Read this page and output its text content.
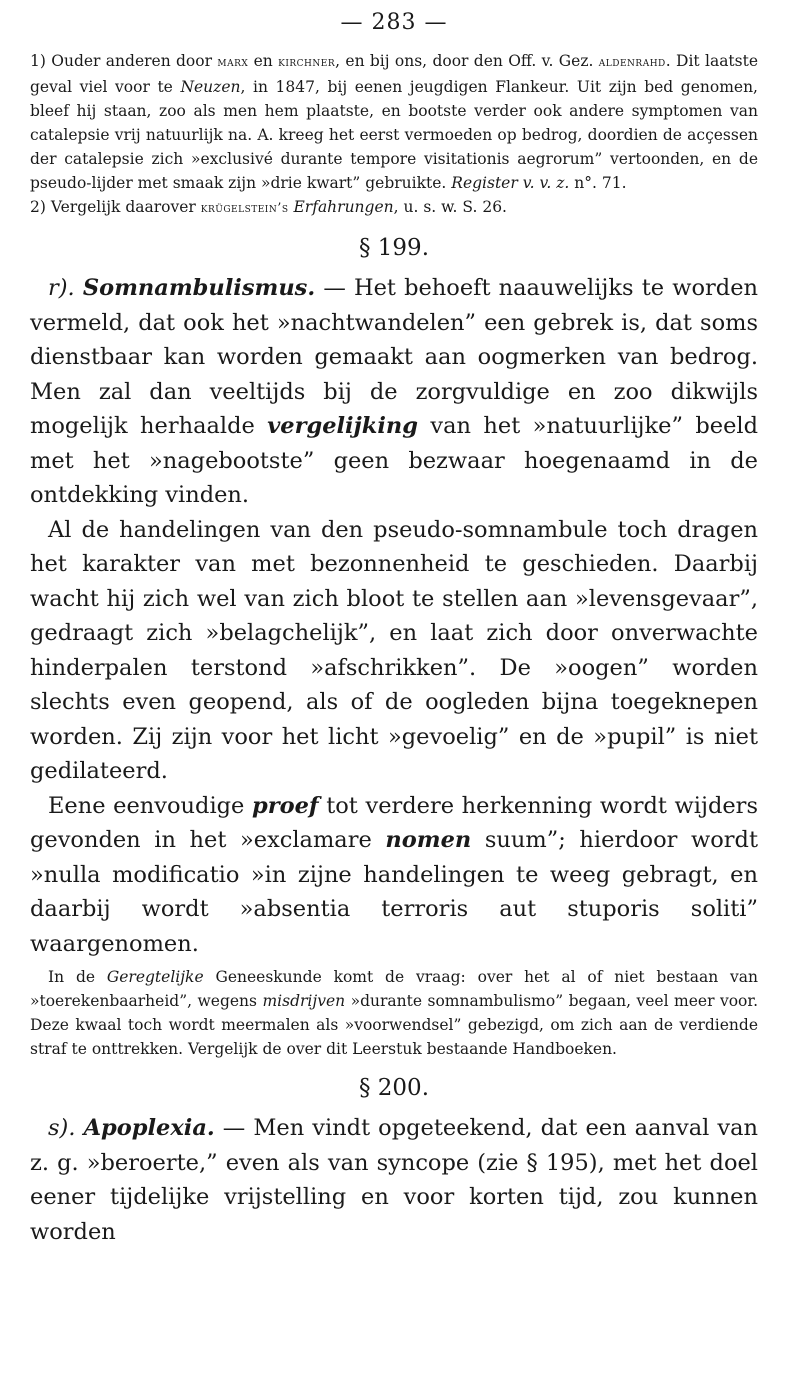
— 283 —

1) Ouder anderen door marx en kirchner, en bij ons, door den Off. v. Gez. aldenrahd. Dit laatste geval viel voor te Neuzen, in 1847, bij eenen jeugdigen Flankeur. Uit zijn bed genomen, bleef hij staan, zoo als men hem plaatste, en bootste verder ook andere symptomen van catalepsie vrij natuurlijk na. A. kreeg het eerst vermoeden op bedrog, doordien de acçessen der catalepsie zich »exclusivé durante tempore visitationis aegrorum” vertoonden, en de pseudo-lijder met smaak zijn »drie kwart” gebruikte. Register v. v. z. n°. 71.

2) Vergelijk daarover krügelstein’s Erfahrungen, u. s. w. S. 26.

§ 199.

r). Somnambulismus. — Het behoeft naauwelijks te worden vermeld, dat ook het »nachtwandelen” een gebrek is, dat soms dienstbaar kan worden gemaakt aan oogmerken van bedrog. Men zal dan veeltijds bij de zorgvuldige en zoo dikwijls mogelijk herhaalde vergelijking van het »natuurlijke” beeld met het »nagebootste” geen bezwaar hoegenaamd in de ontdekking vinden.

Al de handelingen van den pseudo-somnambule toch dragen het karakter van met bezonnenheid te geschieden. Daarbij wacht hij zich wel van zich bloot te stellen aan »levensgevaar”, gedraagt zich »belagchelijk”, en laat zich door onverwachte hinderpalen terstond »afschrikken”. De »oogen” worden slechts even geopend, als of de oogleden bijna toegeknepen worden. Zij zijn voor het licht »gevoelig” en de »pupil” is niet gedilateerd.

Eene eenvoudige proef tot verdere herkenning wordt wijders gevonden in het »exclamare nomen suum”; hierdoor wordt »nulla modificatio »in zijne handelingen te weeg gebragt, en daarbij wordt »absentia terroris aut stuporis soliti” waargenomen.

In de Geregtelijke Geneeskunde komt de vraag: over het al of niet bestaan van »toerekenbaarheid”, wegens misdrijven »durante somnambulismo” begaan, veel meer voor. Deze kwaal toch wordt meermalen als »voorwendsel” gebezigd, om zich aan de verdiende straf te onttrekken. Vergelijk de over dit Leerstuk bestaande Handboeken.

§ 200.

s). Apoplexia. — Men vindt opgeteekend, dat een aanval van z. g. »beroerte,” even als van syncope (zie § 195), met het doel eener tijdelijke vrijstelling en voor korten tijd, zou kunnen worden
